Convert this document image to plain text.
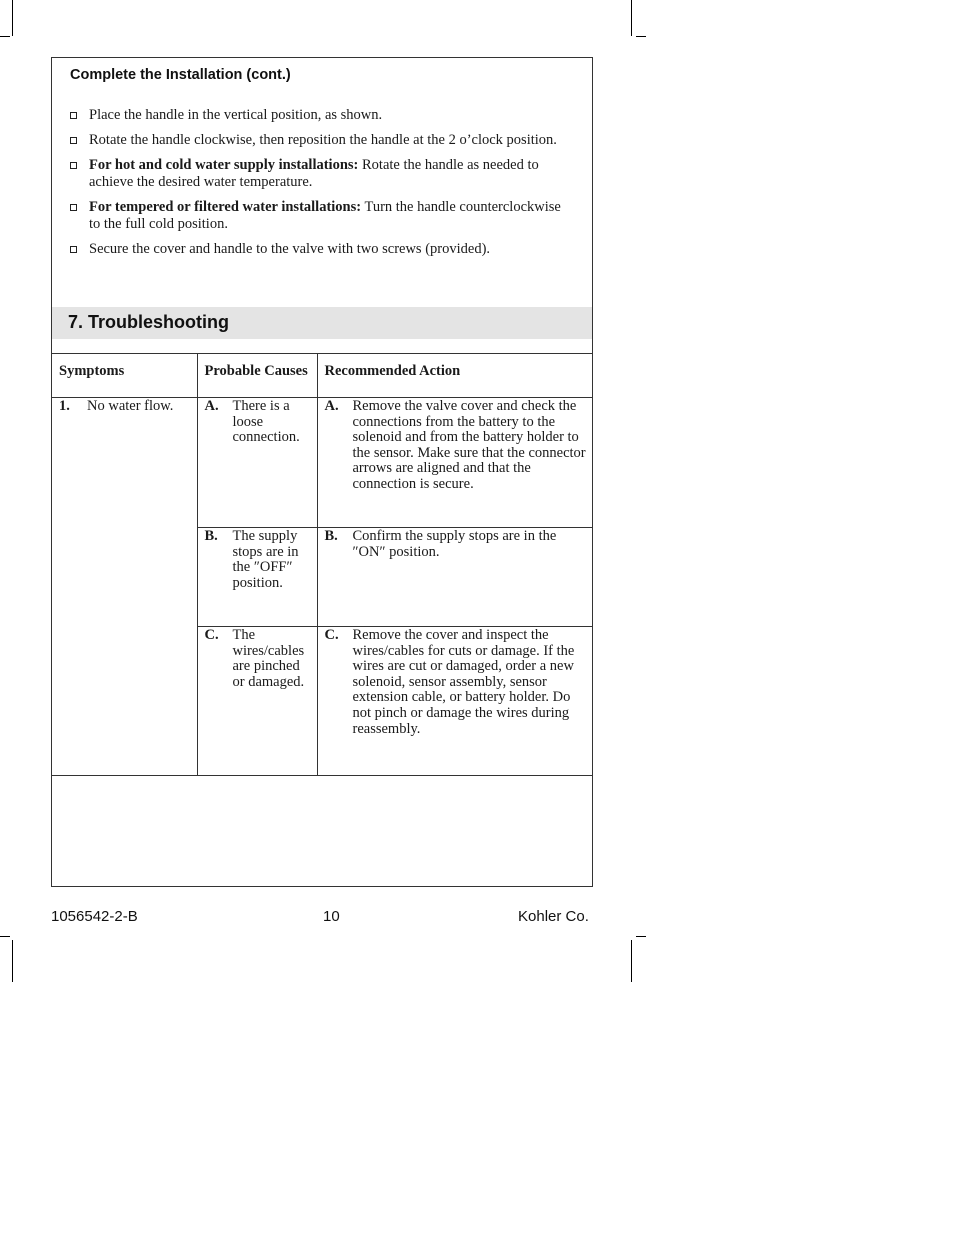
Complete the Installation (cont.)
Place the handle in the vertical position, as shown.
Rotate the handle clockwise, then reposition the handle at the 2 o’clock position.
For hot and cold water supply installations: Rotate the handle as needed to achieve the desired water temperature.
For tempered or filtered water installations: Turn the handle counterclockwise to the full cold position.
Secure the cover and handle to the valve with two screws (provided).
7. Troubleshooting
Symptoms	Probable Causes	Recommended Action

1. No water flow.	A. There is a loose connection.	A. Remove the valve cover and check the connections from the battery to the solenoid and from the battery holder to the sensor. Make sure that the connector arrows are aligned and that the connection is secure.

	B. The supply stops are in the ″OFF″ position.	B. Confirm the supply stops are in the ″ON″ position.

	C. The wires/cables are pinched or damaged.	C. Remove the cover and inspect the wires/cables for cuts or damage. If the wires are cut or damaged, order a new solenoid, sensor assembly, sensor extension cable, or battery holder. Do not pinch or damage the wires during reassembly.
1056542-2-B	10	Kohler Co.
